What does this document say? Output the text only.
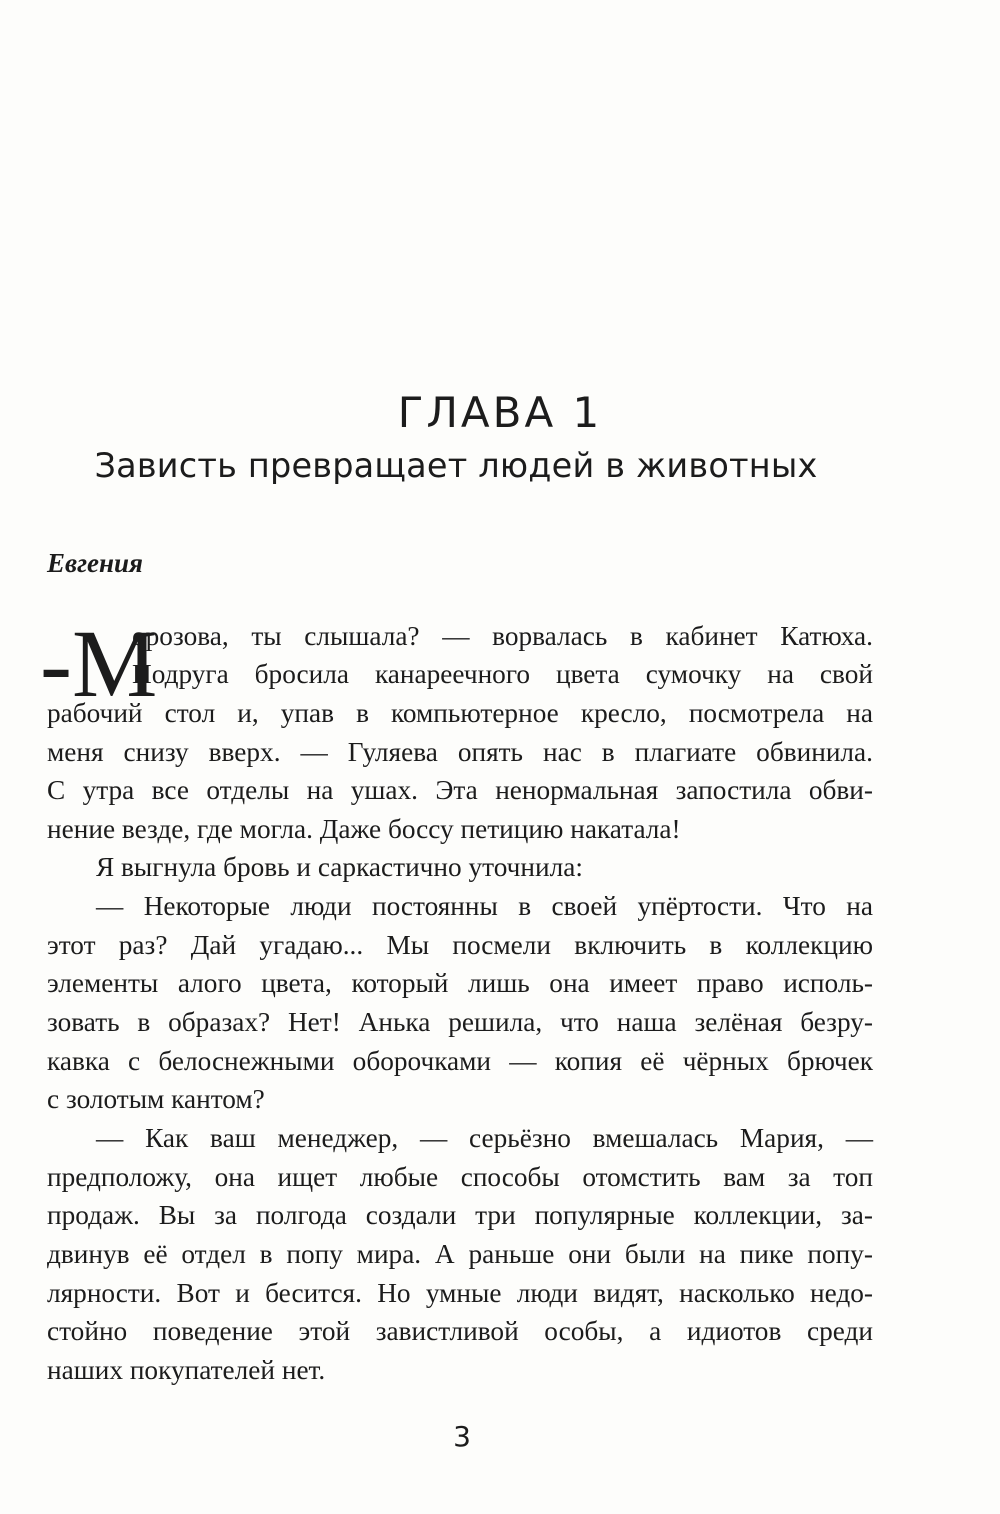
ГЛАВА 1
Зависть превращает людей в животных
Евгения
-М
орозова, ты слышала? — ворвалась в кабинет Катюха.
Подруга бросила канареечного цвета сумочку на свой
рабочий стол и, упав в компьютерное кресло, посмотрела на
меня снизу вверх. — Гуляева опять нас в плагиате обвинила.
С утра все отделы на ушах. Эта ненормальная запостила обви-
нение везде, где могла. Даже боссу петицию накатала!
Я выгнула бровь и саркастично уточнила:
— Некоторые люди постоянны в своей упёртости. Что на
этот раз? Дай угадаю... Мы посмели включить в коллекцию
элементы алого цвета, который лишь она имеет право исполь-
зовать в образах? Нет! Анька решила, что наша зелёная безру-
кавка с белоснежными оборочками — копия её чёрных брючек
с золотым кантом?
— Как ваш менеджер, — серьёзно вмешалась Мария, —
предположу, она ищет любые способы отомстить вам за топ
продаж. Вы за полгода создали три популярные коллекции, за-
двинув её отдел в попу мира. А раньше они были на пике попу-
лярности. Вот и бесится. Но умные люди видят, насколько недо-
стойно поведение этой завистливой особы, а идиотов среди
наших покупателей нет.
3
